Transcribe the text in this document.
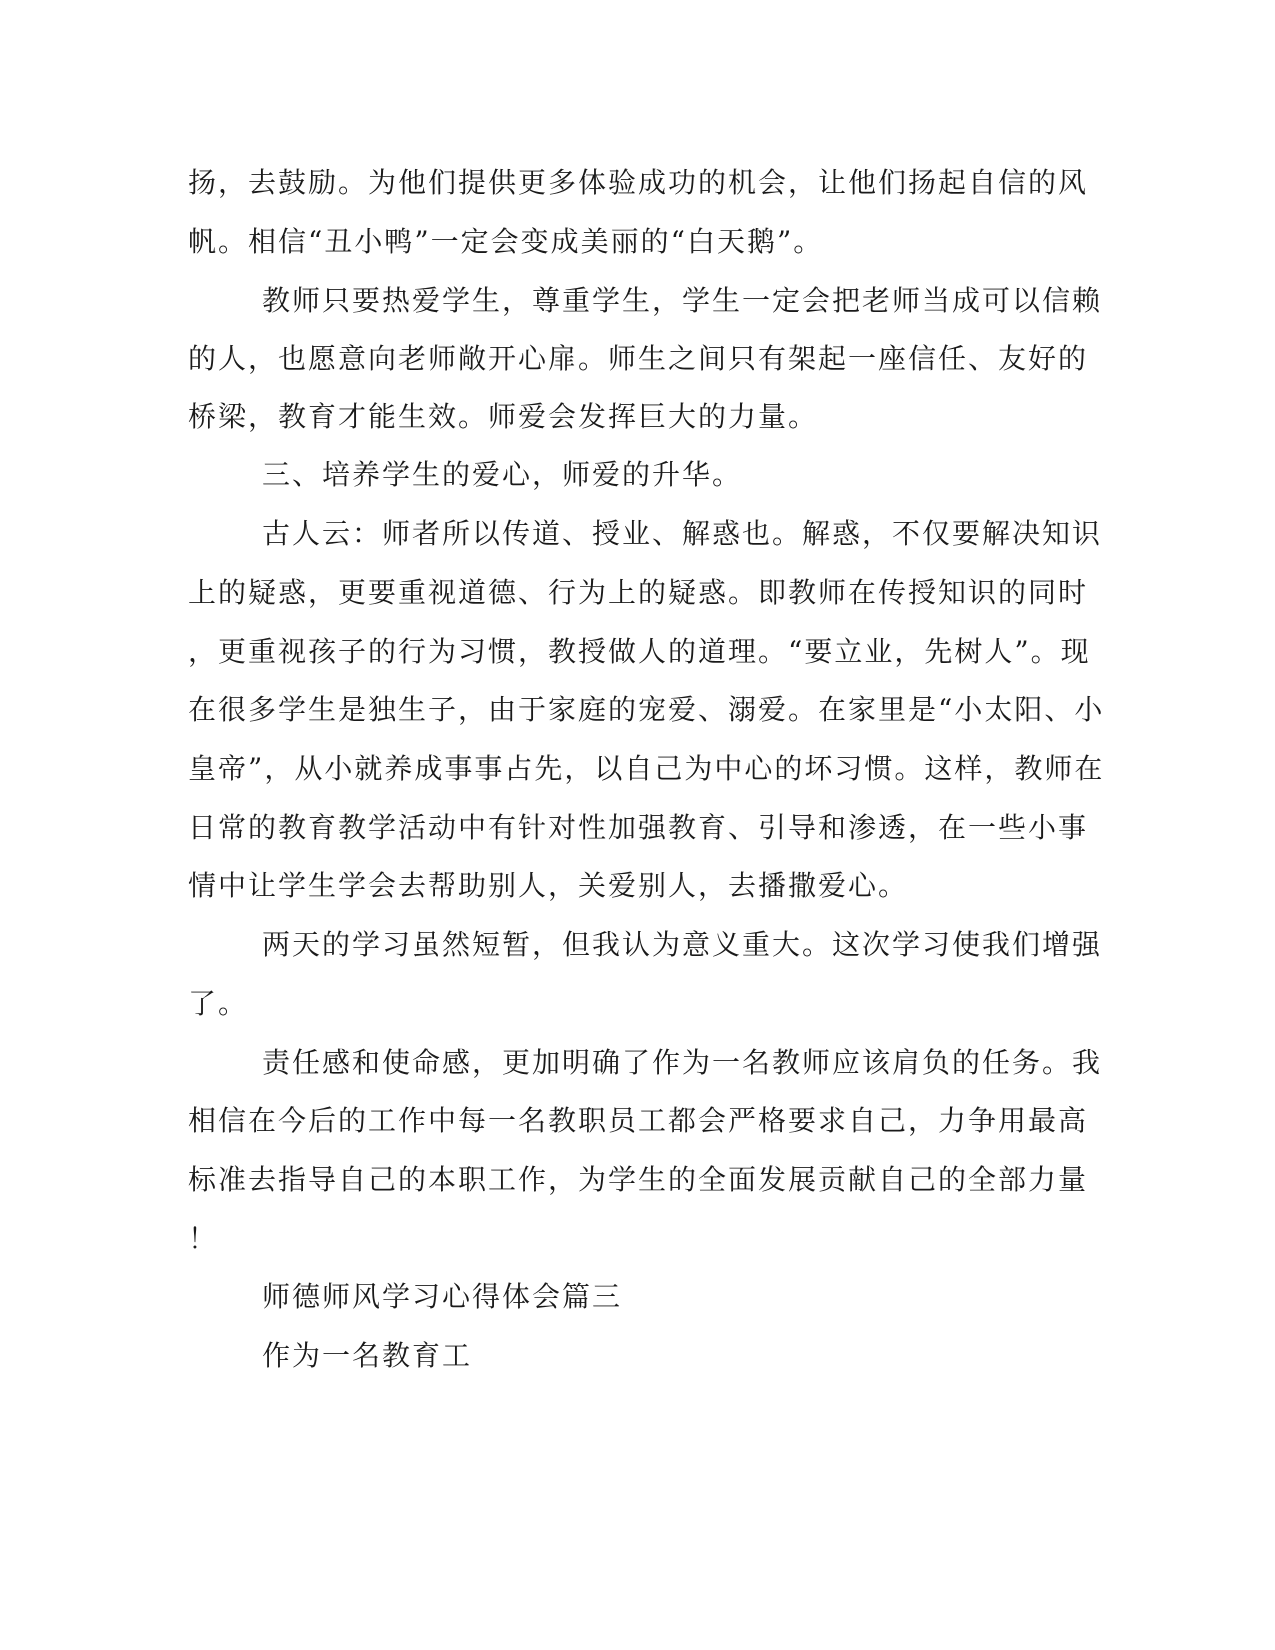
扬，去鼓励。为他们提供更多体验成功的机会，让他们扬起自信的风

帆。相信“丑小鸭”一定会变成美丽的“白天鹅”。

教师只要热爱学生，尊重学生，学生一定会把老师当成可以信赖

的人，也愿意向老师敞开心扉。师生之间只有架起一座信任、友好的

桥梁，教育才能生效。师爱会发挥巨大的力量。

三、培养学生的爱心，师爱的升华。

古人云：师者所以传道、授业、解惑也。解惑，不仅要解决知识

上的疑惑，更要重视道德、行为上的疑惑。即教师在传授知识的同时

，更重视孩子的行为习惯，教授做人的道理。“要立业，先树人”。现

在很多学生是独生子，由于家庭的宠爱、溺爱。在家里是“小太阳、小

皇帝”，从小就养成事事占先，以自己为中心的坏习惯。这样，教师在

日常的教育教学活动中有针对性加强教育、引导和渗透，在一些小事

情中让学生学会去帮助别人，关爱别人，去播撒爱心。

两天的学习虽然短暂，但我认为意义重大。这次学习使我们增强

了。

责任感和使命感，更加明确了作为一名教师应该肩负的任务。我

相信在今后的工作中每一名教职员工都会严格要求自己，力争用最高

标准去指导自己的本职工作，为学生的全面发展贡献自己的全部力量

！

师德师风学习心得体会篇三

作为一名教育工
